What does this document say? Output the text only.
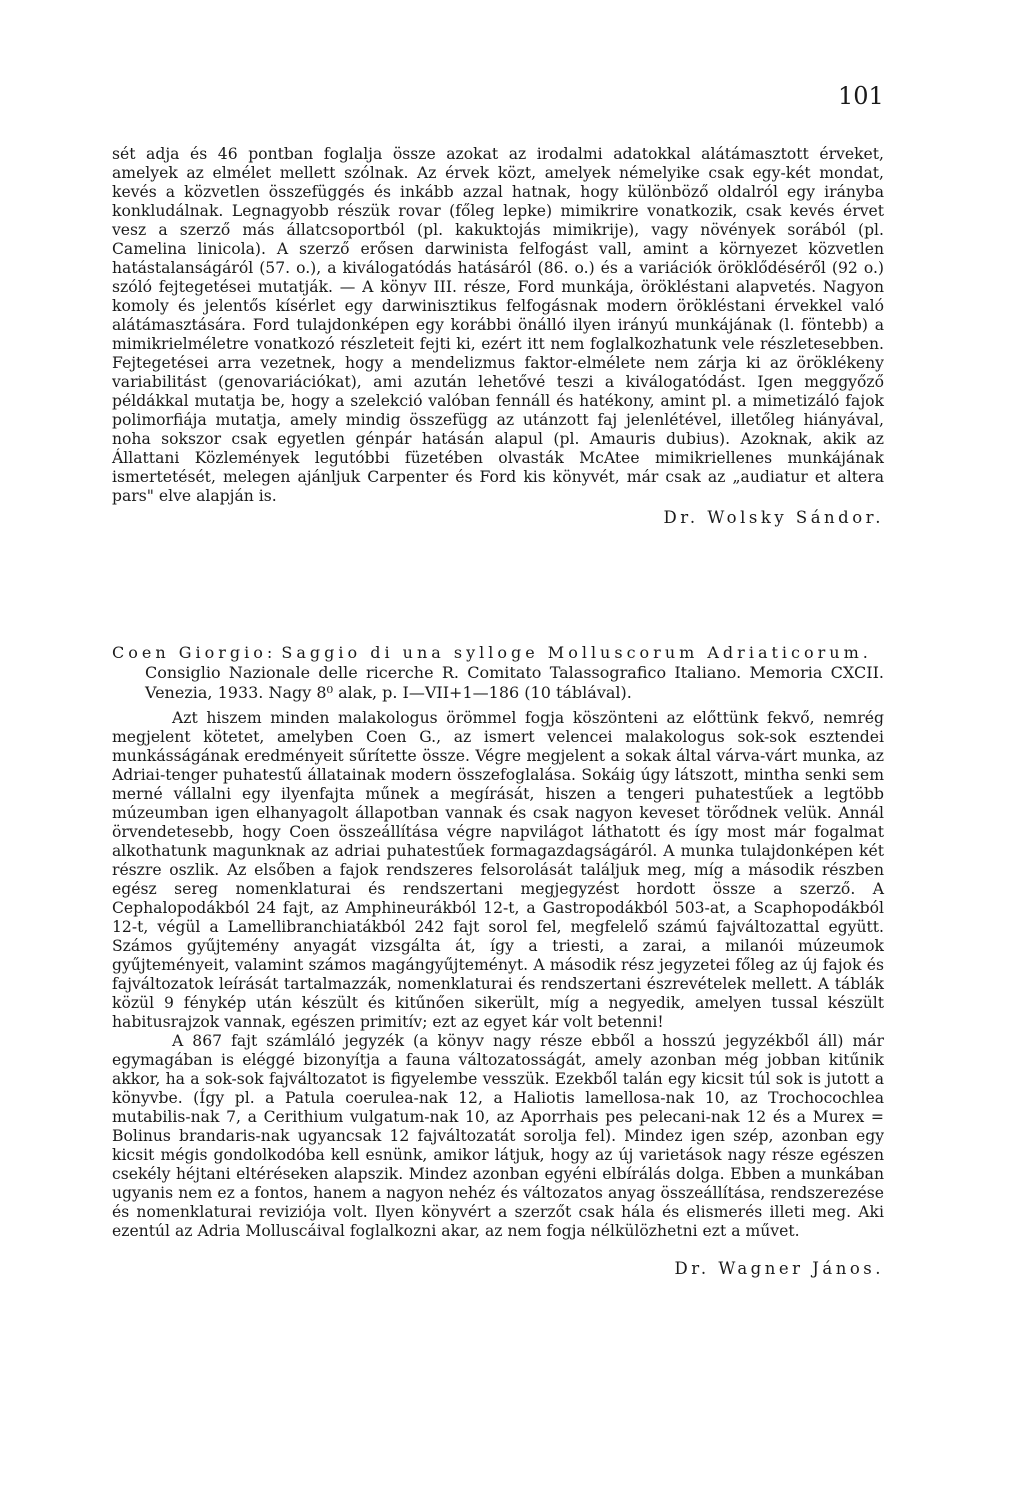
101

sét adja és 46 pontban foglalja össze azokat az irodalmi adatokkal alátámasztott érveket, amelyek az elmélet mellett szólnak. Az érvek közt, amelyek némelyike csak egy-két mondat, kevés a közvetlen összefüggés és inkább azzal hatnak, hogy különböző oldalról egy irányba konkludálnak. Legnagyobb részük rovar (főleg lepke) mimikrire vonatkozik, csak kevés érvet vesz a szerző más állatcsoportból (pl. kakuktojás mimikrije), vagy növények sorából (pl. Camelina linicola). A szerző erősen darwinista felfogást vall, amint a környezet közvetlen hatástalanságáról (57. o.), a kiválogatódás hatásáról (86. o.) és a variációk öröklődéséről (92 o.) szóló fejtegetései mutatják. — A könyv III. része, Ford munkája, örökléstani alapvetés. Nagyon komoly és jelentős kísérlet egy darwinisztikus felfogásnak modern örökléstani érvekkel való alátámasztására. Ford tulajdonképen egy korábbi önálló ilyen irányú munkájának (l. föntebb) a mimikrielméletre vonatkozó részleteit fejti ki, ezért itt nem foglalkozhatunk vele részletesebben. Fejtegetései arra vezetnek, hogy a mendelizmus faktor-elmélete nem zárja ki az öröklékeny variabilitást (genovariációkat), ami azután lehetővé teszi a kiválogatódást. Igen meggyőző példákkal mutatja be, hogy a szelekció valóban fennáll és hatékony, amint pl. a mimetizáló fajok polimorfiája mutatja, amely mindig összefügg az utánzott faj jelenlétével, illetőleg hiányával, noha sokszor csak egyetlen génpár hatásán alapul (pl. Amauris dubius). Azoknak, akik az Állattani Közlemények legutóbbi füzetében olvasták McAtee mimikriellenes munkájának ismertetését, melegen ajánljuk Carpenter és Ford kis könyvét, már csak az „audiatur et altera pars" elve alapján is.

Dr. Wolsky Sándor.

Coen Giorgio: Saggio di una sylloge Molluscorum Adriaticorum.
Consiglio Nazionale delle ricerche R. Comitato Talassografico Italiano. Memoria CXCII. Venezia, 1933. Nagy 8⁰ alak, p. I—VII+1—186 (10 táblával).

Azt hiszem minden malakologus örömmel fogja köszönteni az előttünk fekvő, nemrég megjelent kötetet, amelyben Coen G., az ismert velencei malakologus sok-sok esztendei munkásságának eredményeit sűrítette össze. Végre megjelent a sokak által várva-várt munka, az Adriai-tenger puhatestű állatainak modern összefoglalása. Sokáig úgy látszott, mintha senki sem merné vállalni egy ilyenfajta műnek a megírását, hiszen a tengeri puhatestűek a legtöbb múzeumban igen elhanyagolt állapotban vannak és csak nagyon keveset törődnek velük. Annál örvendetesebb, hogy Coen összeállítása végre napvilágot láthatott és így most már fogalmat alkothatunk magunknak az adriai puhatestűek formagazdagságáról. A munka tulajdonképen két részre oszlik. Az elsőben a fajok rendszeres felsorolását találjuk meg, míg a második részben egész sereg nomenklaturai és rendszertani megjegyzést hordott össze a szerző. A Cephalopodákból 24 fajt, az Amphineurákból 12-t, a Gastropodákból 503-at, a Scaphopodákból 12-t, végül a Lamellibranchiatákból 242 fajt sorol fel, megfelelő számú fajváltozattal együtt. Számos gyűjtemény anyagát vizsgálta át, így a triesti, a zarai, a milanói múzeumok gyűjteményeit, valamint számos magángyűjteményt. A második rész jegyzetei főleg az új fajok és fajváltozatok leírását tartalmazzák, nomenklaturai és rendszertani észrevételek mellett. A táblák közül 9 fénykép után készült és kitűnően sikerült, míg a negyedik, amelyen tussal készült habitusrajzok vannak, egészen primitív; ezt az egyet kár volt betenni!

A 867 fajt számláló jegyzék (a könyv nagy része ebből a hosszú jegyzékből áll) már egymagában is eléggé bizonyítja a fauna változatosságát, amely azonban még jobban kitűnik akkor, ha a sok-sok fajváltozatot is figyelembe vesszük. Ezekből talán egy kicsit túl sok is jutott a könyvbe. (Így pl. a Patula coerulea-nak 12, a Haliotis lamellosa-nak 10, az Trochocochlea mutabilis-nak 7, a Cerithium vulgatum-nak 10, az Aporrhais pes pelecani-nak 12 és a Murex = Bolinus brandaris-nak ugyancsak 12 fajváltozatát sorolja fel). Mindez igen szép, azonban egy kicsit mégis gondolkodóba kell esnünk, amikor látjuk, hogy az új varietások nagy része egészen csekély héjtani eltéréseken alapszik. Mindez azonban egyéni elbírálás dolga. Ebben a munkában ugyanis nem ez a fontos, hanem a nagyon nehéz és változatos anyag összeállítása, rendszerezése és nomenklaturai reviziója volt. Ilyen könyvért a szerzőt csak hála és elismerés illeti meg. Aki ezentúl az Adria Molluscáival foglalkozni akar, az nem fogja nélkülözhetni ezt a művet.

Dr. Wagner János.
